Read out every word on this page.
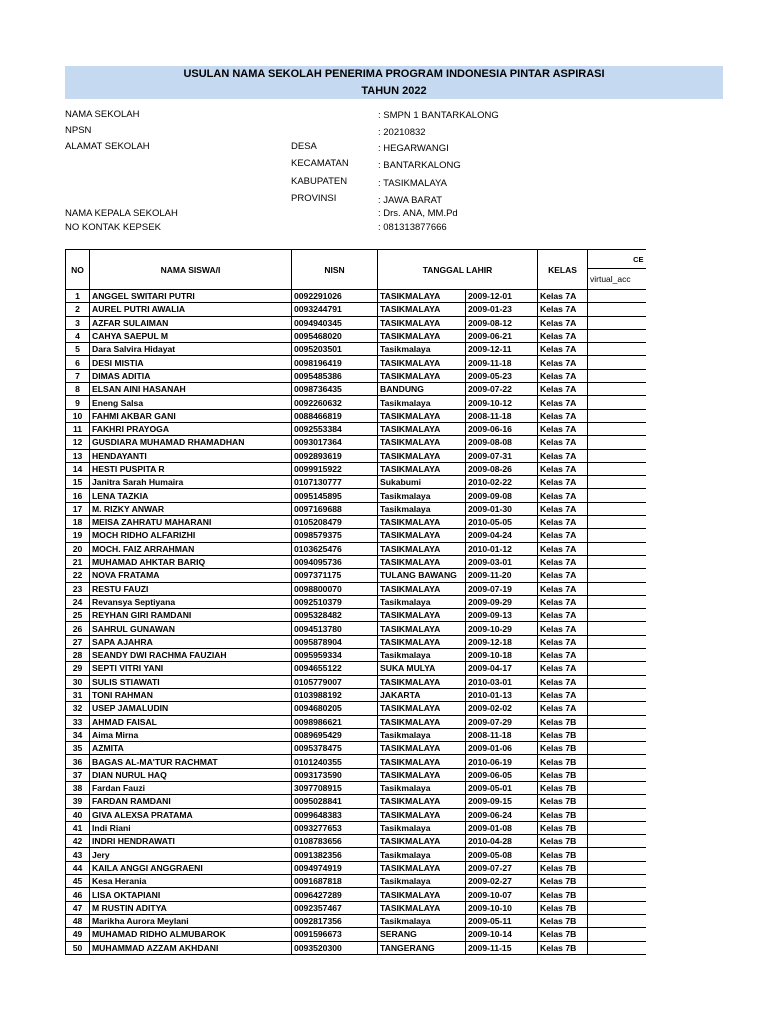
USULAN NAMA SEKOLAH PENERIMA PROGRAM INDONESIA PINTAR ASPIRASI
TAHUN 2022
NAMA SEKOLAH	: SMPN 1 BANTARKALONG
NPSN	: 20210832
ALAMAT SEKOLAH	DESA	: HEGARWANGI
KECAMATAN	: BANTARKALONG
KABUPATEN	: TASIKMALAYA
PROVINSI	: JAWA BARAT
NAMA KEPALA SEKOLAH	: Drs. ANA, MM.Pd
NO KONTAK KEPSEK	: 081313877666
NO	NAMA SISWA/I	NISN	TANGGAL LAHIR		KELAS	CE
						virtual_acc
1	ANGGEL SWITARI PUTRI	0092291026	TASIKMALAYA	2009-12-01	Kelas 7A	
2	AUREL PUTRI AWALIA	0093244791	TASIKMALAYA	2009-01-23	Kelas 7A	
3	AZFAR SULAIMAN	0094940345	TASIKMALAYA	2009-08-12	Kelas 7A	
4	CAHYA SAEPUL M	0095468020	TASIKMALAYA	2009-06-21	Kelas 7A	
5	Dara Salvira Hidayat	0095203501	Tasikmalaya	2009-12-11	Kelas 7A	
6	DESI MISTIA	0098196419	TASIKMALAYA	2009-11-18	Kelas 7A	
7	DIMAS ADITIA	0095485386	TASIKMALAYA	2009-05-23	Kelas 7A	
8	ELSAN AINI HASANAH	0098736435	BANDUNG	2009-07-22	Kelas 7A	
9	Eneng Salsa	0092260632	Tasikmalaya	2009-10-12	Kelas 7A	
10	FAHMI AKBAR GANI	0088466819	TASIKMALAYA	2008-11-18	Kelas 7A	
11	FAKHRI PRAYOGA	0092553384	TASIKMALAYA	2009-06-16	Kelas 7A	
12	GUSDIARA MUHAMAD RHAMADHAN	0093017364	TASIKMALAYA	2009-08-08	Kelas 7A	
13	HENDAYANTI	0092893619	TASIKMALAYA	2009-07-31	Kelas 7A	
14	HESTI PUSPITA R	0099915922	TASIKMALAYA	2009-08-26	Kelas 7A	
15	Janitra Sarah Humaira	0107130777	Sukabumi	2010-02-22	Kelas 7A	
16	LENA TAZKIA	0095145895	Tasikmalaya	2009-09-08	Kelas 7A	
17	M. RIZKY ANWAR	0097169688	Tasikmalaya	2009-01-30	Kelas 7A	
18	MEISA ZAHRATU MAHARANI	0105208479	TASIKMALAYA	2010-05-05	Kelas 7A	
19	MOCH RIDHO ALFARIZHI	0098579375	TASIKMALAYA	2009-04-24	Kelas 7A	
20	MOCH. FAIZ ARRAHMAN	0103625476	TASIKMALAYA	2010-01-12	Kelas 7A	
21	MUHAMAD AHKTAR BARIQ	0094095736	TASIKMALAYA	2009-03-01	Kelas 7A	
22	NOVA FRATAMA	0097371175	TULANG BAWANG	2009-11-20	Kelas 7A	
23	RESTU FAUZI	0098800070	TASIKMALAYA	2009-07-19	Kelas 7A	
24	Revansya Septiyana	0092510379	Tasikmalaya	2009-09-29	Kelas 7A	
25	REYHAN GIRI RAMDANI	0095328482	TASIKMALAYA	2009-09-13	Kelas 7A	
26	SAHRUL GUNAWAN	0094513780	TASIKMALAYA	2009-10-29	Kelas 7A	
27	SAPA AJAHRA	0095878904	TASIKMALAYA	2009-12-18	Kelas 7A	
28	SEANDY DWI RACHMA FAUZIAH	0095959334	Tasikmalaya	2009-10-18	Kelas 7A	
29	SEPTI VITRI YANI	0094655122	SUKA MULYA	2009-04-17	Kelas 7A	
30	SULIS STIAWATI	0105779007	TASIKMALAYA	2010-03-01	Kelas 7A	
31	TONI RAHMAN	0103988192	JAKARTA	2010-01-13	Kelas 7A	
32	USEP JAMALUDIN	0094680205	TASIKMALAYA	2009-02-02	Kelas 7A	
33	AHMAD FAISAL	0098986621	TASIKMALAYA	2009-07-29	Kelas 7B	
34	Aima Mirna	0089695429	Tasikmalaya	2008-11-18	Kelas 7B	
35	AZMITA	0095378475	TASIKMALAYA	2009-01-06	Kelas 7B	
36	BAGAS AL-MA'TUR RACHMAT	0101240355	TASIKMALAYA	2010-06-19	Kelas 7B	
37	DIAN NURUL HAQ	0093173590	TASIKMALAYA	2009-06-05	Kelas 7B	
38	Fardan Fauzi	3097708915	Tasikmalaya	2009-05-01	Kelas 7B	
39	FARDAN RAMDANI	0095028841	TASIKMALAYA	2009-09-15	Kelas 7B	
40	GIVA ALEXSA PRATAMA	0099648383	TASIKMALAYA	2009-06-24	Kelas 7B	
41	Indi Riani	0093277653	Tasikmalaya	2009-01-08	Kelas 7B	
42	INDRI HENDRAWATI	0108783656	TASIKMALAYA	2010-04-28	Kelas 7B	
43	Jery	0091382356	Tasikmalaya	2009-05-08	Kelas 7B	
44	KAILA ANGGI ANGGRAENI	0094974919	TASIKMALAYA	2009-07-27	Kelas 7B	
45	Kesa Herania	0091687818	Tasikmalaya	2009-02-27	Kelas 7B	
46	LISA OKTAPIANI	0096427289	TASIKMALAYA	2009-10-07	Kelas 7B	
47	M RUSTIN ADITYA	0092357467	TASIKMALAYA	2009-10-10	Kelas 7B	
48	Marikha Aurora Meylani	0092817356	Tasikmalaya	2009-05-11	Kelas 7B	
49	MUHAMAD RIDHO ALMUBAROK	0091596673	SERANG	2009-10-14	Kelas 7B	
50	MUHAMMAD AZZAM AKHDANI	0093520300	TANGERANG	2009-11-15	Kelas 7B	
